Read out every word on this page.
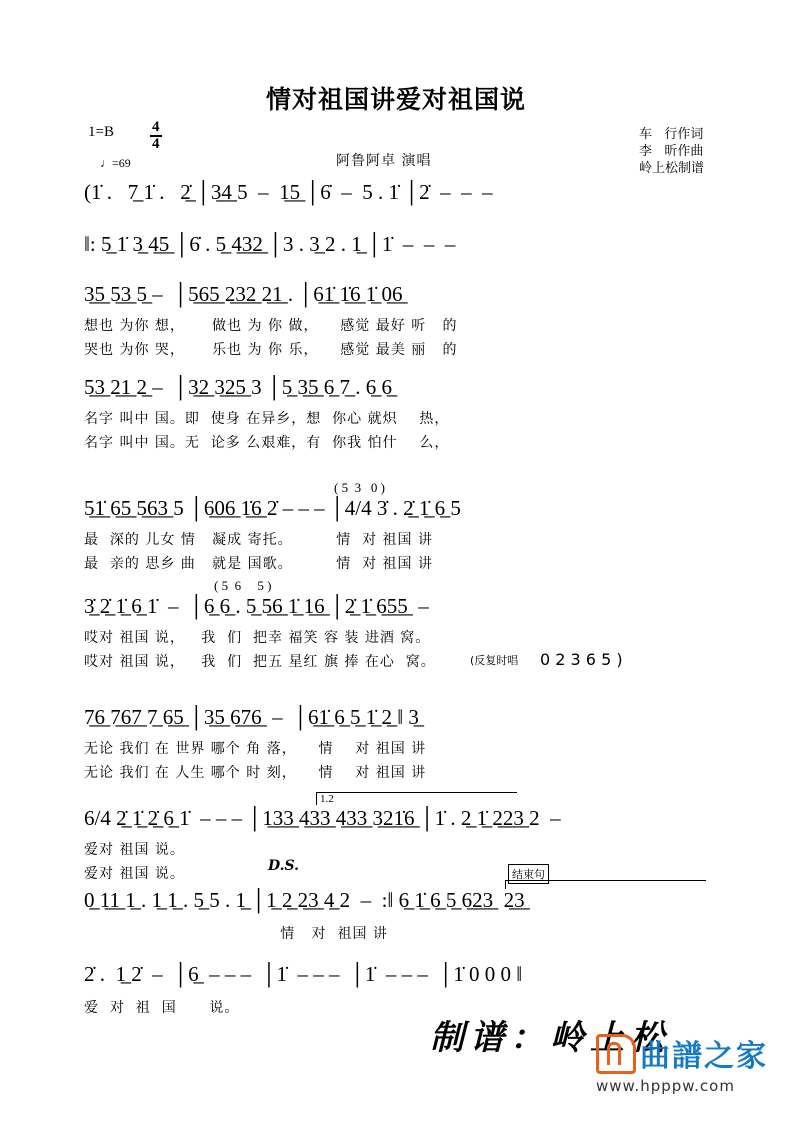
情对祖国讲爱对祖国说
$1=B \frac{4}{4}$
♩=69	阿鲁阿卓 演唱
车   行作词
李   昕作曲
岭上松制谱
(1̇ .   7̲ 1̇ .   2̲̇ │3̲4̲ 5  –  1̲5̲ │6̇  –  5 . 1̇ │2̇  –  –  –
‖: 5̲ 1̇ 3̲ 4̲5̲ │6̇ . 5̲ 4̲3̲2̲ │3 . 3̲ 2 . 1̲ │1̇  –  –  –
3̲5̲ 5̲3̲ 5̲ –  │5̲6̲5̲ 2̲3̲2̲ 2̲1̲ . │6̲1̲̇ 1̲̇6̲ 1̲̇ 0̲6̲
想也 为你 想，     做也 为 你 做，    感觉 最好 听   的
哭也 为你 哭，     乐也 为 你 乐，    感觉 最美 丽   的
5̲3̲ 2̲1̲ 2̲ –  │3̲2̲ 3̲2̲5̲ 3 │5̲ 3̲5̲ 6̲ 7̲ . 6̲ 6̲
名字 叫中 国。即  使身 在异乡，想  你心 就炽    热，
名字 叫中 国。无  论多 么艰难，有  你我 怕什    么，
( 5  3   0 )
5̲1̲̇ 6̲5̲ 5̲6̲3̲ 5 │6̲0̲6̲ 1̲̇6̲ 2̇ – – – │4/4 3̇ . 2̲̇ 1̲̇ 6̲ 5
最  深的 儿女 情   凝成 寄托。        情  对 祖国 讲
最  亲的 思乡 曲   就是 国歌。        情  对 祖国 讲
( 5  6     5 )
3̲̇ 2̲̇ 1̲̇ 6̲ 1̇  –  │6̲ 6̲ . 5̲ 5̲6̲ 1̲̇ 1̲6̲ │2̲̇ 1̲̇ 6̲5̲5̲  –
哎对 祖国 说，   我  们  把幸 福笑 容 装 进酒 窝。
哎对 祖国 说，   我  们  把五 星红 旗 捧 在心  窝。	(反复时唱 0 2 3 6 5 )
7̲6̲ 7̲6̲7̲ 7̲ 6̲5̲ │3̲5̲ 6̲7̲6̲  –  │6̲1̲̇ 6̲ 5̲ 1̲̇ 2̲ ‖ 3̲
无论 我们 在 世界 哪个 角 落，    情    对 祖国 讲
无论 我们 在 人生 哪个 时 刻，    情    对 祖国 讲
1.2
6/4 2̲̇ 1̲̇ 2̲̇ 6̲ 1̇  – – – │1̲3̲3̲ 4̲3̲3̲ 4̲3̲3̲ 3̲2̲1̲̇6̲ │1̇ . 2̲ 1̲̇ 2̲2̲3̲ 2  –
爱对 祖国 说。
爱对 祖国 说。	D.S.
结束句
0̲ 1̲1̲ 1̲ . 1̲ 1̲ . 5̲ 5 . 1̲ │1̲ 2̲ 2̲3̲ 4̲ 2  –  :‖ 6̲ 1̲̇ 6̲ 5̲ 6̲2̲3̲  2̲3̲
情   对  祖国 讲
2̇ .  1̲ 2̇  –  │6̲  – – –  │1̇  – – –  │1̇  – – –  │1̇ 0 0 0 ‖
爱  对  祖  国      说。
制谱：岭上松
曲譜之家
www.hpppw.com
